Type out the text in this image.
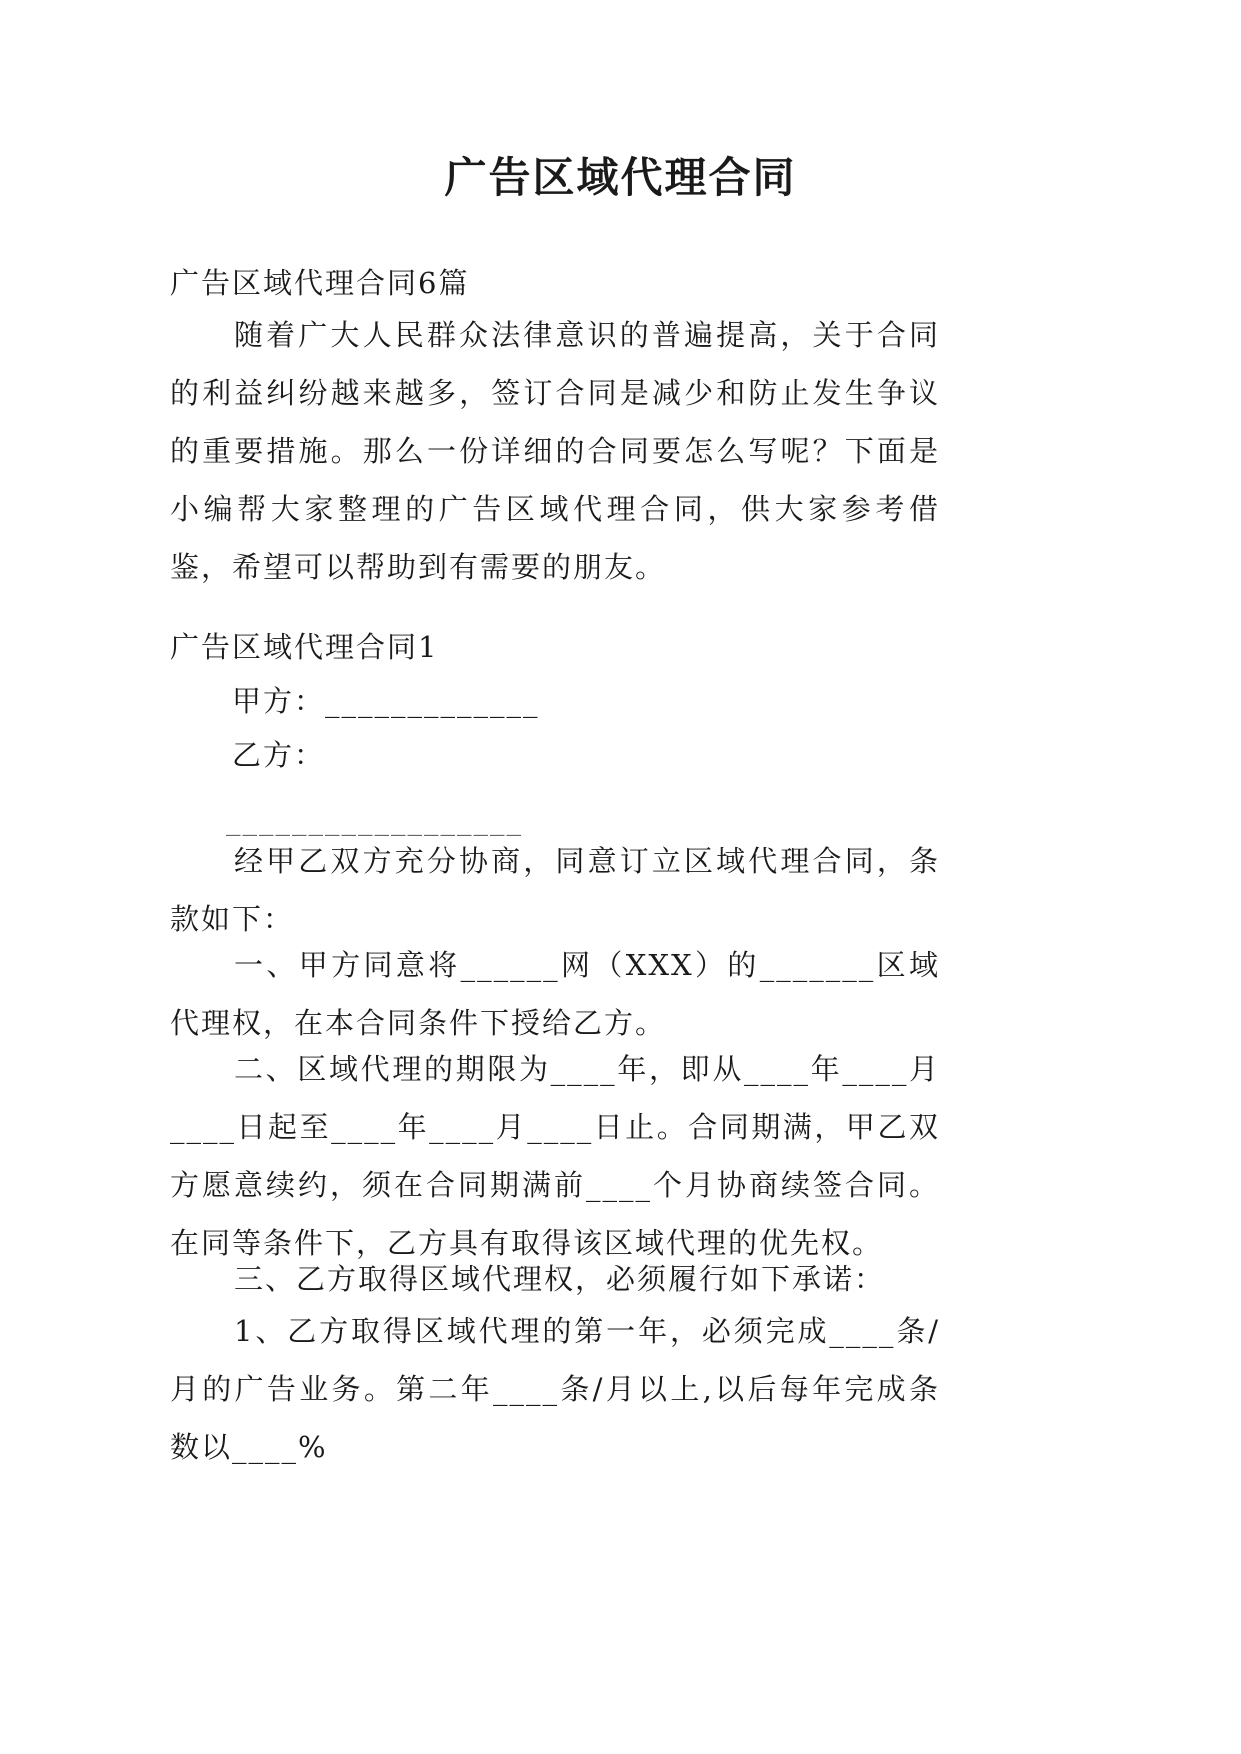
广告区域代理合同

广告区域代理合同6篇

随着广大人民群众法律意识的普遍提高，关于合同的利益纠纷越来越多，签订合同是减少和防止发生争议的重要措施。那么一份详细的合同要怎么写呢？下面是小编帮大家整理的广告区域代理合同，供大家参考借鉴，希望可以帮助到有需要的朋友。

广告区域代理合同1

甲方：_____________

乙方：

__________________

经甲乙双方充分协商，同意订立区域代理合同，条款如下：

一、甲方同意将______网（XXX）的_______区域代理权，在本合同条件下授给乙方。

二、区域代理的期限为____年，即从____年____月____日起至____年____月____日止。合同期满，甲乙双方愿意续约，须在合同期满前____个月协商续签合同。在同等条件下，乙方具有取得该区域代理的优先权。

三、乙方取得区域代理权，必须履行如下承诺：

1、乙方取得区域代理的第一年，必须完成____条/月的广告业务。第二年____条/月以上,以后每年完成条数以____%
